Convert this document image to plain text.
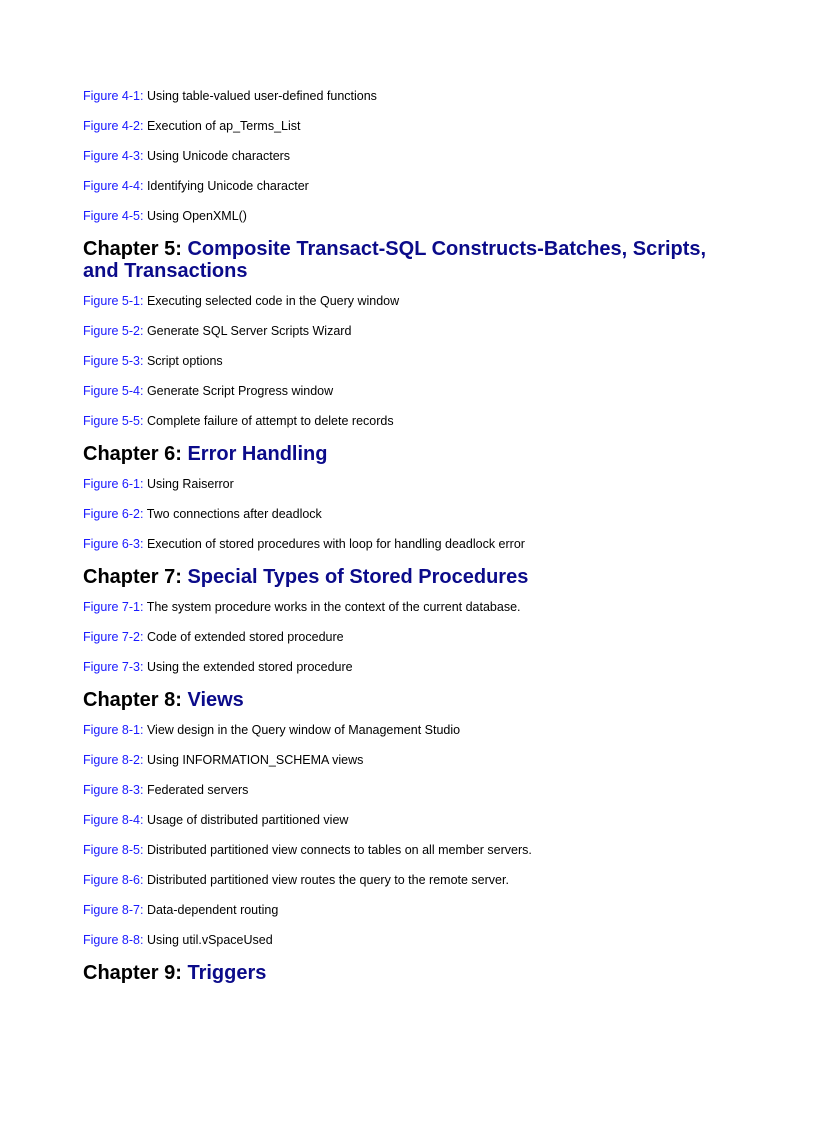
Figure 4-1: Using table-valued user-defined functions
Figure 4-2: Execution of ap_Terms_List
Figure 4-3: Using Unicode characters
Figure 4-4: Identifying Unicode character
Figure 4-5: Using OpenXML()
Chapter 5: Composite Transact-SQL Constructs-Batches, Scripts, and Transactions
Figure 5-1: Executing selected code in the Query window
Figure 5-2: Generate SQL Server Scripts Wizard
Figure 5-3: Script options
Figure 5-4: Generate Script Progress window
Figure 5-5: Complete failure of attempt to delete records
Chapter 6: Error Handling
Figure 6-1: Using Raiserror
Figure 6-2: Two connections after deadlock
Figure 6-3: Execution of stored procedures with loop for handling deadlock error
Chapter 7: Special Types of Stored Procedures
Figure 7-1: The system procedure works in the context of the current database.
Figure 7-2: Code of extended stored procedure
Figure 7-3: Using the extended stored procedure
Chapter 8: Views
Figure 8-1: View design in the Query window of Management Studio
Figure 8-2: Using INFORMATION_SCHEMA views
Figure 8-3: Federated servers
Figure 8-4: Usage of distributed partitioned view
Figure 8-5: Distributed partitioned view connects to tables on all member servers.
Figure 8-6: Distributed partitioned view routes the query to the remote server.
Figure 8-7: Data-dependent routing
Figure 8-8: Using util.vSpaceUsed
Chapter 9: Triggers
